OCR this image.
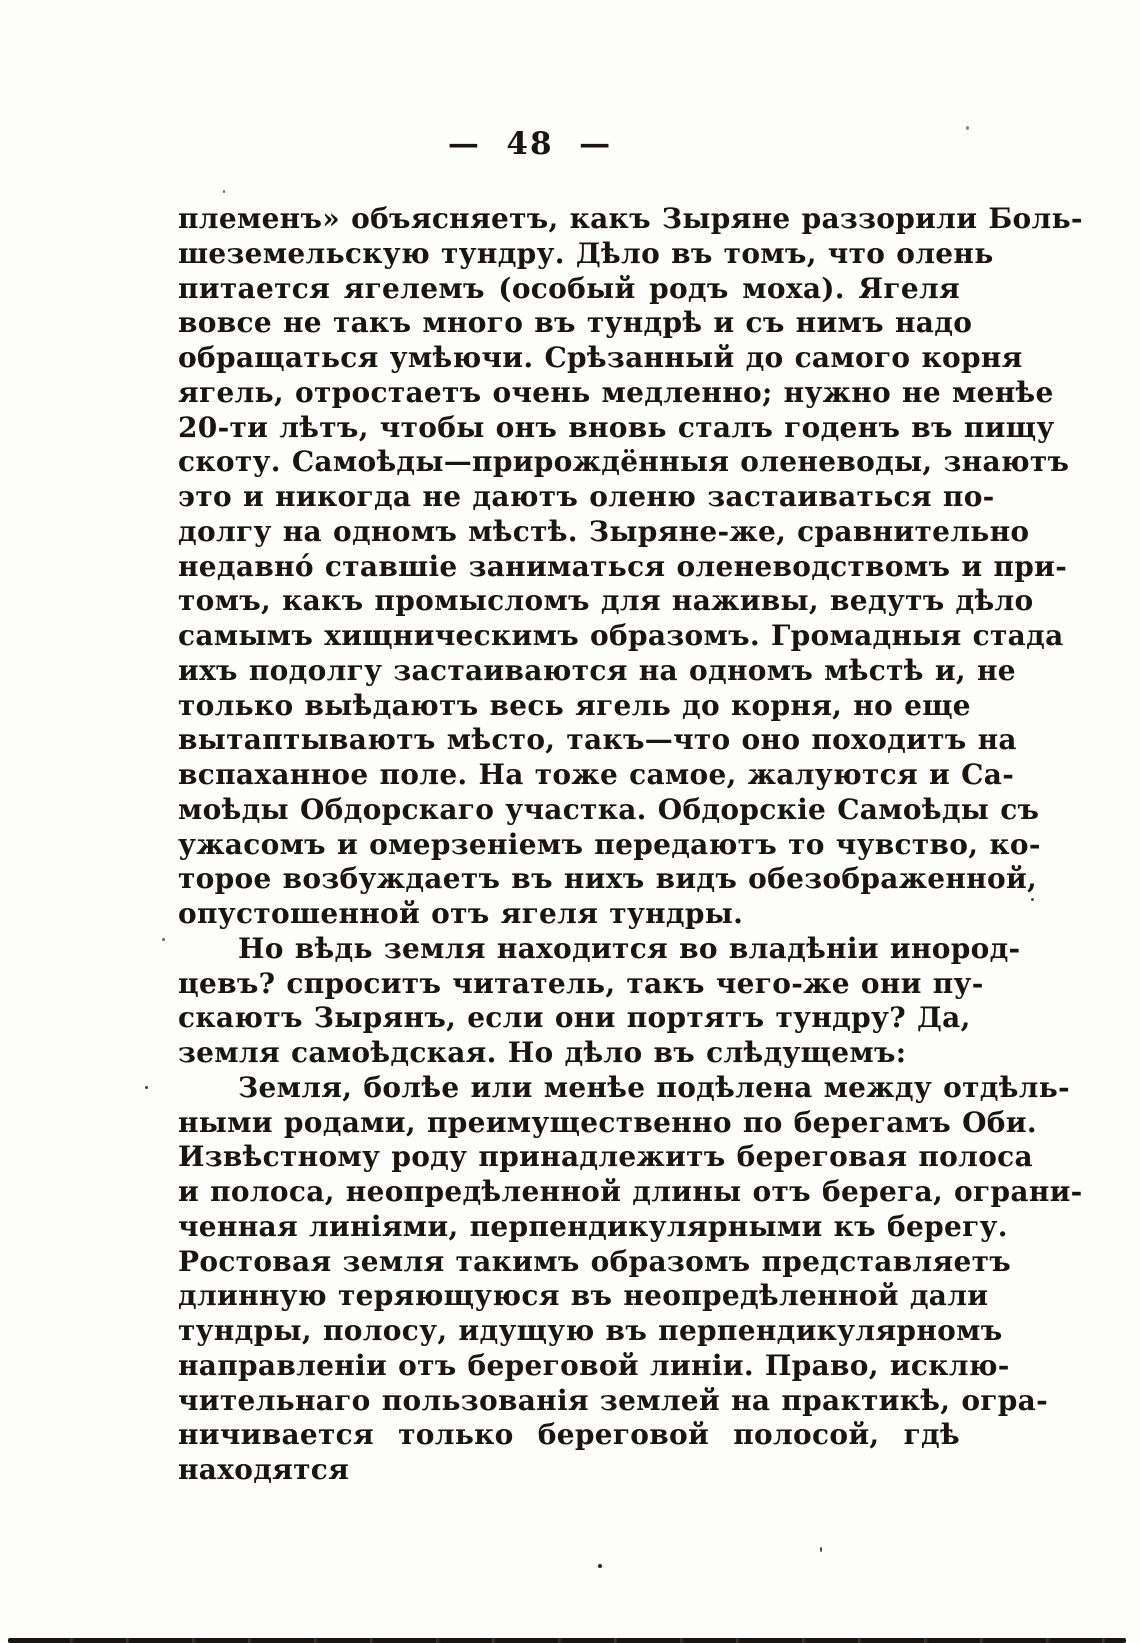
—  48  —
племенъ» объясняетъ, какъ Зыряне раззорили Боль-
шеземельскую тундру. Дѣло въ томъ, что олень
питается ягелемъ (особый родъ моха). Ягеля
вовсе не такъ много въ тундрѣ и съ нимъ надо
обращаться умѣючи. Срѣзанный до самого корня
ягель, отростаетъ очень медленно; нужно не менѣе
20-ти лѣтъ, чтобы онъ вновь сталъ годенъ въ пищу
скоту. Самоѣды—прирождённыя оленеводы, знаютъ
это и никогда не даютъ оленю застаиваться по-
долгу на одномъ мѣстѣ. Зыряне-же, сравнительно
недавно́ ставшіе заниматься оленеводствомъ и при-
томъ, какъ промысломъ для наживы, ведутъ дѣло
самымъ хищническимъ образомъ. Громадныя стада
ихъ подолгу застаиваются на одномъ мѣстѣ и, не
только выѣдаютъ весь ягель до корня, но еще
вытаптываютъ мѣсто, такъ—что оно походитъ на
вспаханное поле. На тоже самое, жалуются и Са-
моѣды Обдорскаго участка. Обдорскіе Самоѣды съ
ужасомъ и омерзеніемъ передаютъ то чувство, ко-
торое возбуждаетъ въ нихъ видъ обезображенной,
опустошенной отъ ягеля тундры.
Но вѣдь земля находится во владѣніи инород-
цевъ? спроситъ читатель, такъ чего-же они пу-
скаютъ Зырянъ, если они портятъ тундру? Да,
земля самоѣдская. Но дѣло въ слѣдущемъ:
Земля, болѣе или менѣе подѣлена между отдѣль-
ными родами, преимущественно по берегамъ Оби.
Извѣстному роду принадлежитъ береговая полоса
и полоса, неопредѣленной длины отъ берега, ограни-
ченная линіями, перпендикулярными къ берегу.
Ростовая земля такимъ образомъ представляетъ
длинную теряющуюся въ неопредѣленной дали
тундры, полосу, идущую въ перпендикулярномъ
направленіи отъ береговой линіи. Право, исклю-
чительнаго пользованія землей на практикѣ, огра-
ничивается только береговой полосой, гдѣ находятся
